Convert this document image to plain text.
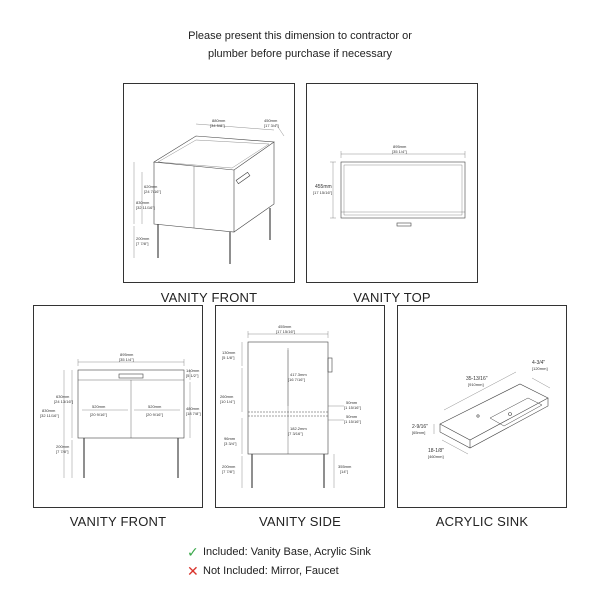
Please present this dimension to contractor or
plumber before purchase if necessary
880mm
[34 5/8"]
450mm
[17 3/4"]
620mm
[24 7/16"]
830mm
[32 11/16"]
200mm
[7 7/8"]
VANITY FRONT
895mm
[35 1/4"]
455mm
[17 15/16"]
VANITY TOP
895mm
[35 1/4"]
140mm
[5 1/2"]
630mm
[24 13/16"]
830mm
[32 11/16"]
520mm
[20 9/16"]
520mm
[20 9/16"]
480mm
[18 7/8"]
200mm
[7 7/8"]
VANITY FRONT
455mm
[17 15/16"]
130mm
[5 1/8"]
417.3mm
[16 7/16"]
260mm
[10 1/4"]	50mm
[1 15/16"]
50mm
[1 15/16"]
182.2mm
[7 3/16"]
96mm
[3 3/4"]
200mm
[7 7/8"]
355mm
[14"]
VANITY SIDE
35-13/16"
[910mm]
4-3/4"
[120mm]
2-9/16"
[65mm]
18-1/8"
[460mm]
ACRYLIC SINK
✓ Included: Vanity Base, Acrylic Sink
✕ Not Included: Mirror, Faucet
